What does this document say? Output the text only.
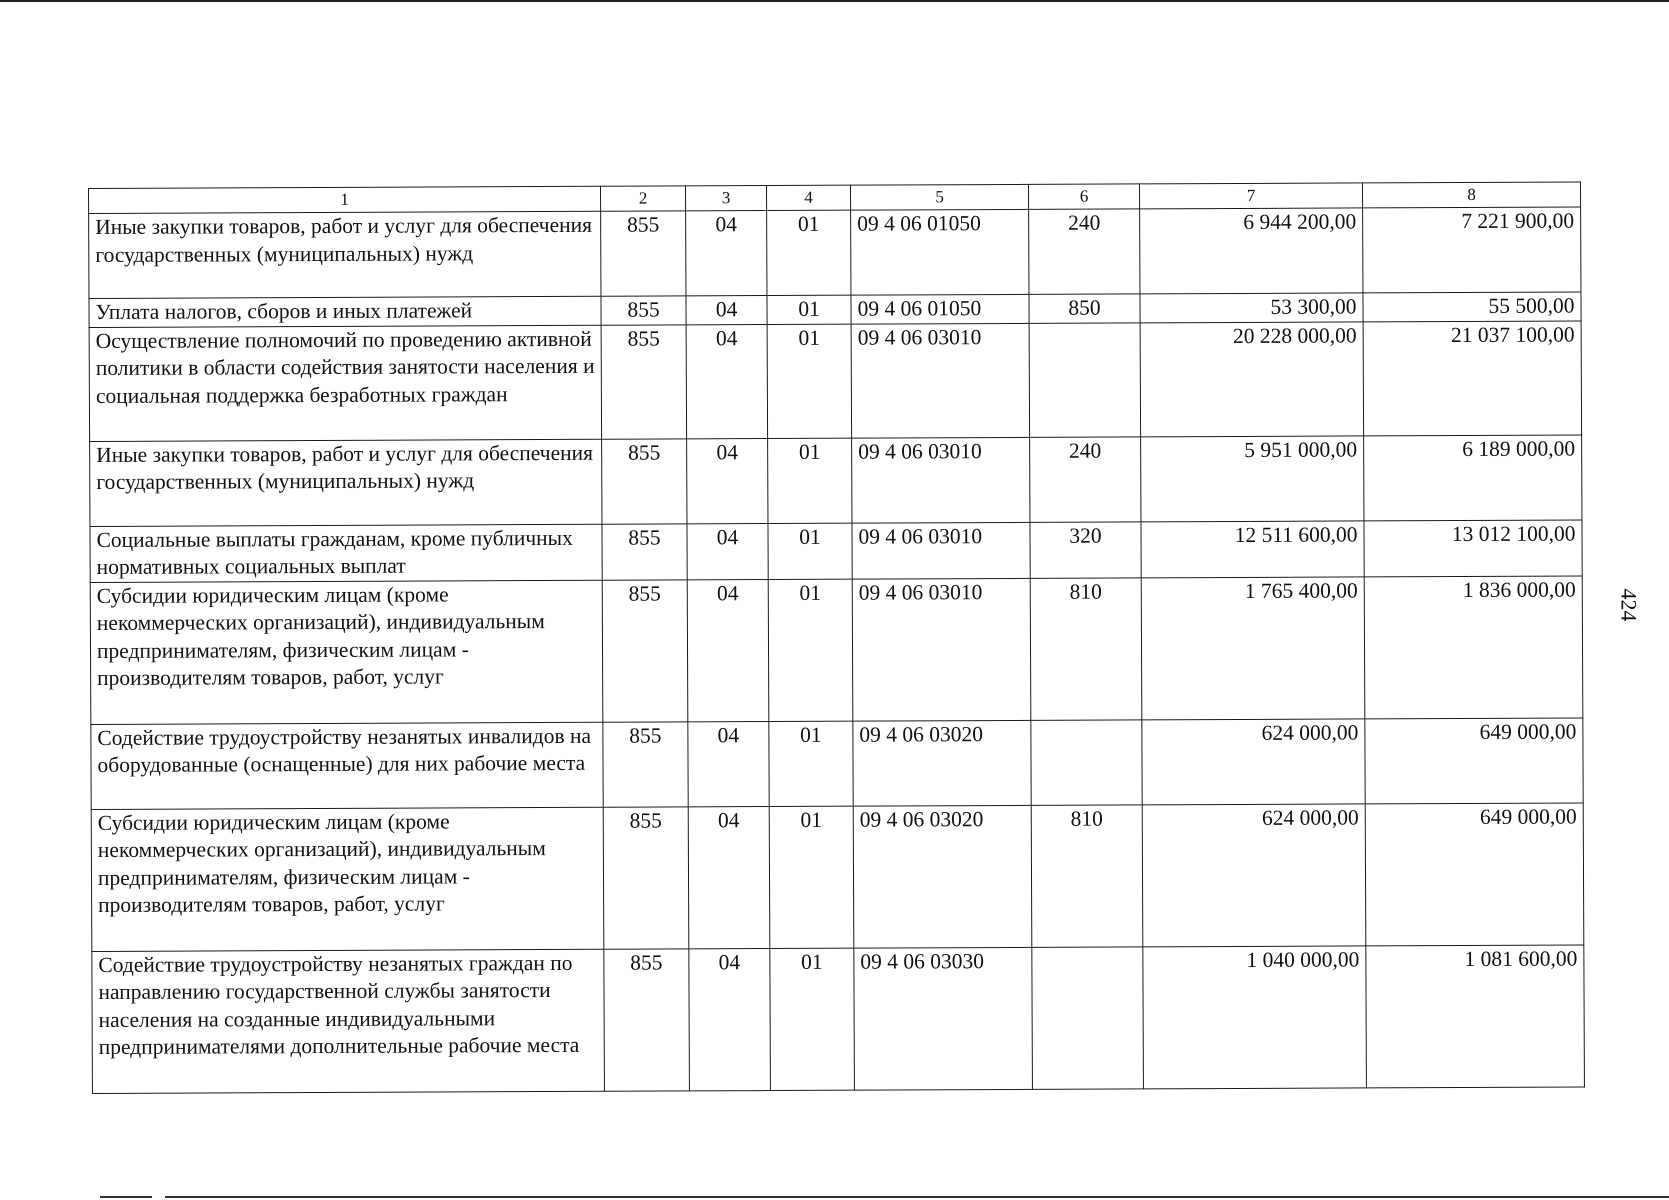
1	2	3	4	5	6	7	8
Иные закупки товаров, работ и услуг для обеспечения государственных (муниципальных) нужд	855	04	01	09 4 06 01050	240	6 944 200,00	7 221 900,00
Уплата налогов, сборов и иных платежей	855	04	01	09 4 06 01050	850	53 300,00	55 500,00
Осуществление полномочий по проведению активной политики в области содействия занятости населения и социальная поддержка безработных граждан	855	04	01	09 4 06 03010		20 228 000,00	21 037 100,00
Иные закупки товаров, работ и услуг для обеспечения государственных (муниципальных) нужд	855	04	01	09 4 06 03010	240	5 951 000,00	6 189 000,00
Социальные выплаты гражданам, кроме публичных нормативных социальных выплат	855	04	01	09 4 06 03010	320	12 511 600,00	13 012 100,00
Субсидии юридическим лицам (кроме некоммерческих организаций), индивидуальным предпринимателям, физическим лицам - производителям товаров, работ, услуг	855	04	01	09 4 06 03010	810	1 765 400,00	1 836 000,00
Содействие трудоустройству незанятых инвалидов на оборудованные (оснащенные) для них рабочие места	855	04	01	09 4 06 03020		624 000,00	649 000,00
Субсидии юридическим лицам (кроме некоммерческих организаций), индивидуальным предпринимателям, физическим лицам - производителям товаров, работ, услуг	855	04	01	09 4 06 03020	810	624 000,00	649 000,00
Содействие трудоустройству незанятых граждан по направлению государственной службы занятости населения на созданные индивидуальными предпринимателями дополнительные рабочие места	855	04	01	09 4 06 03030		1 040 000,00	1 081 600,00
424
